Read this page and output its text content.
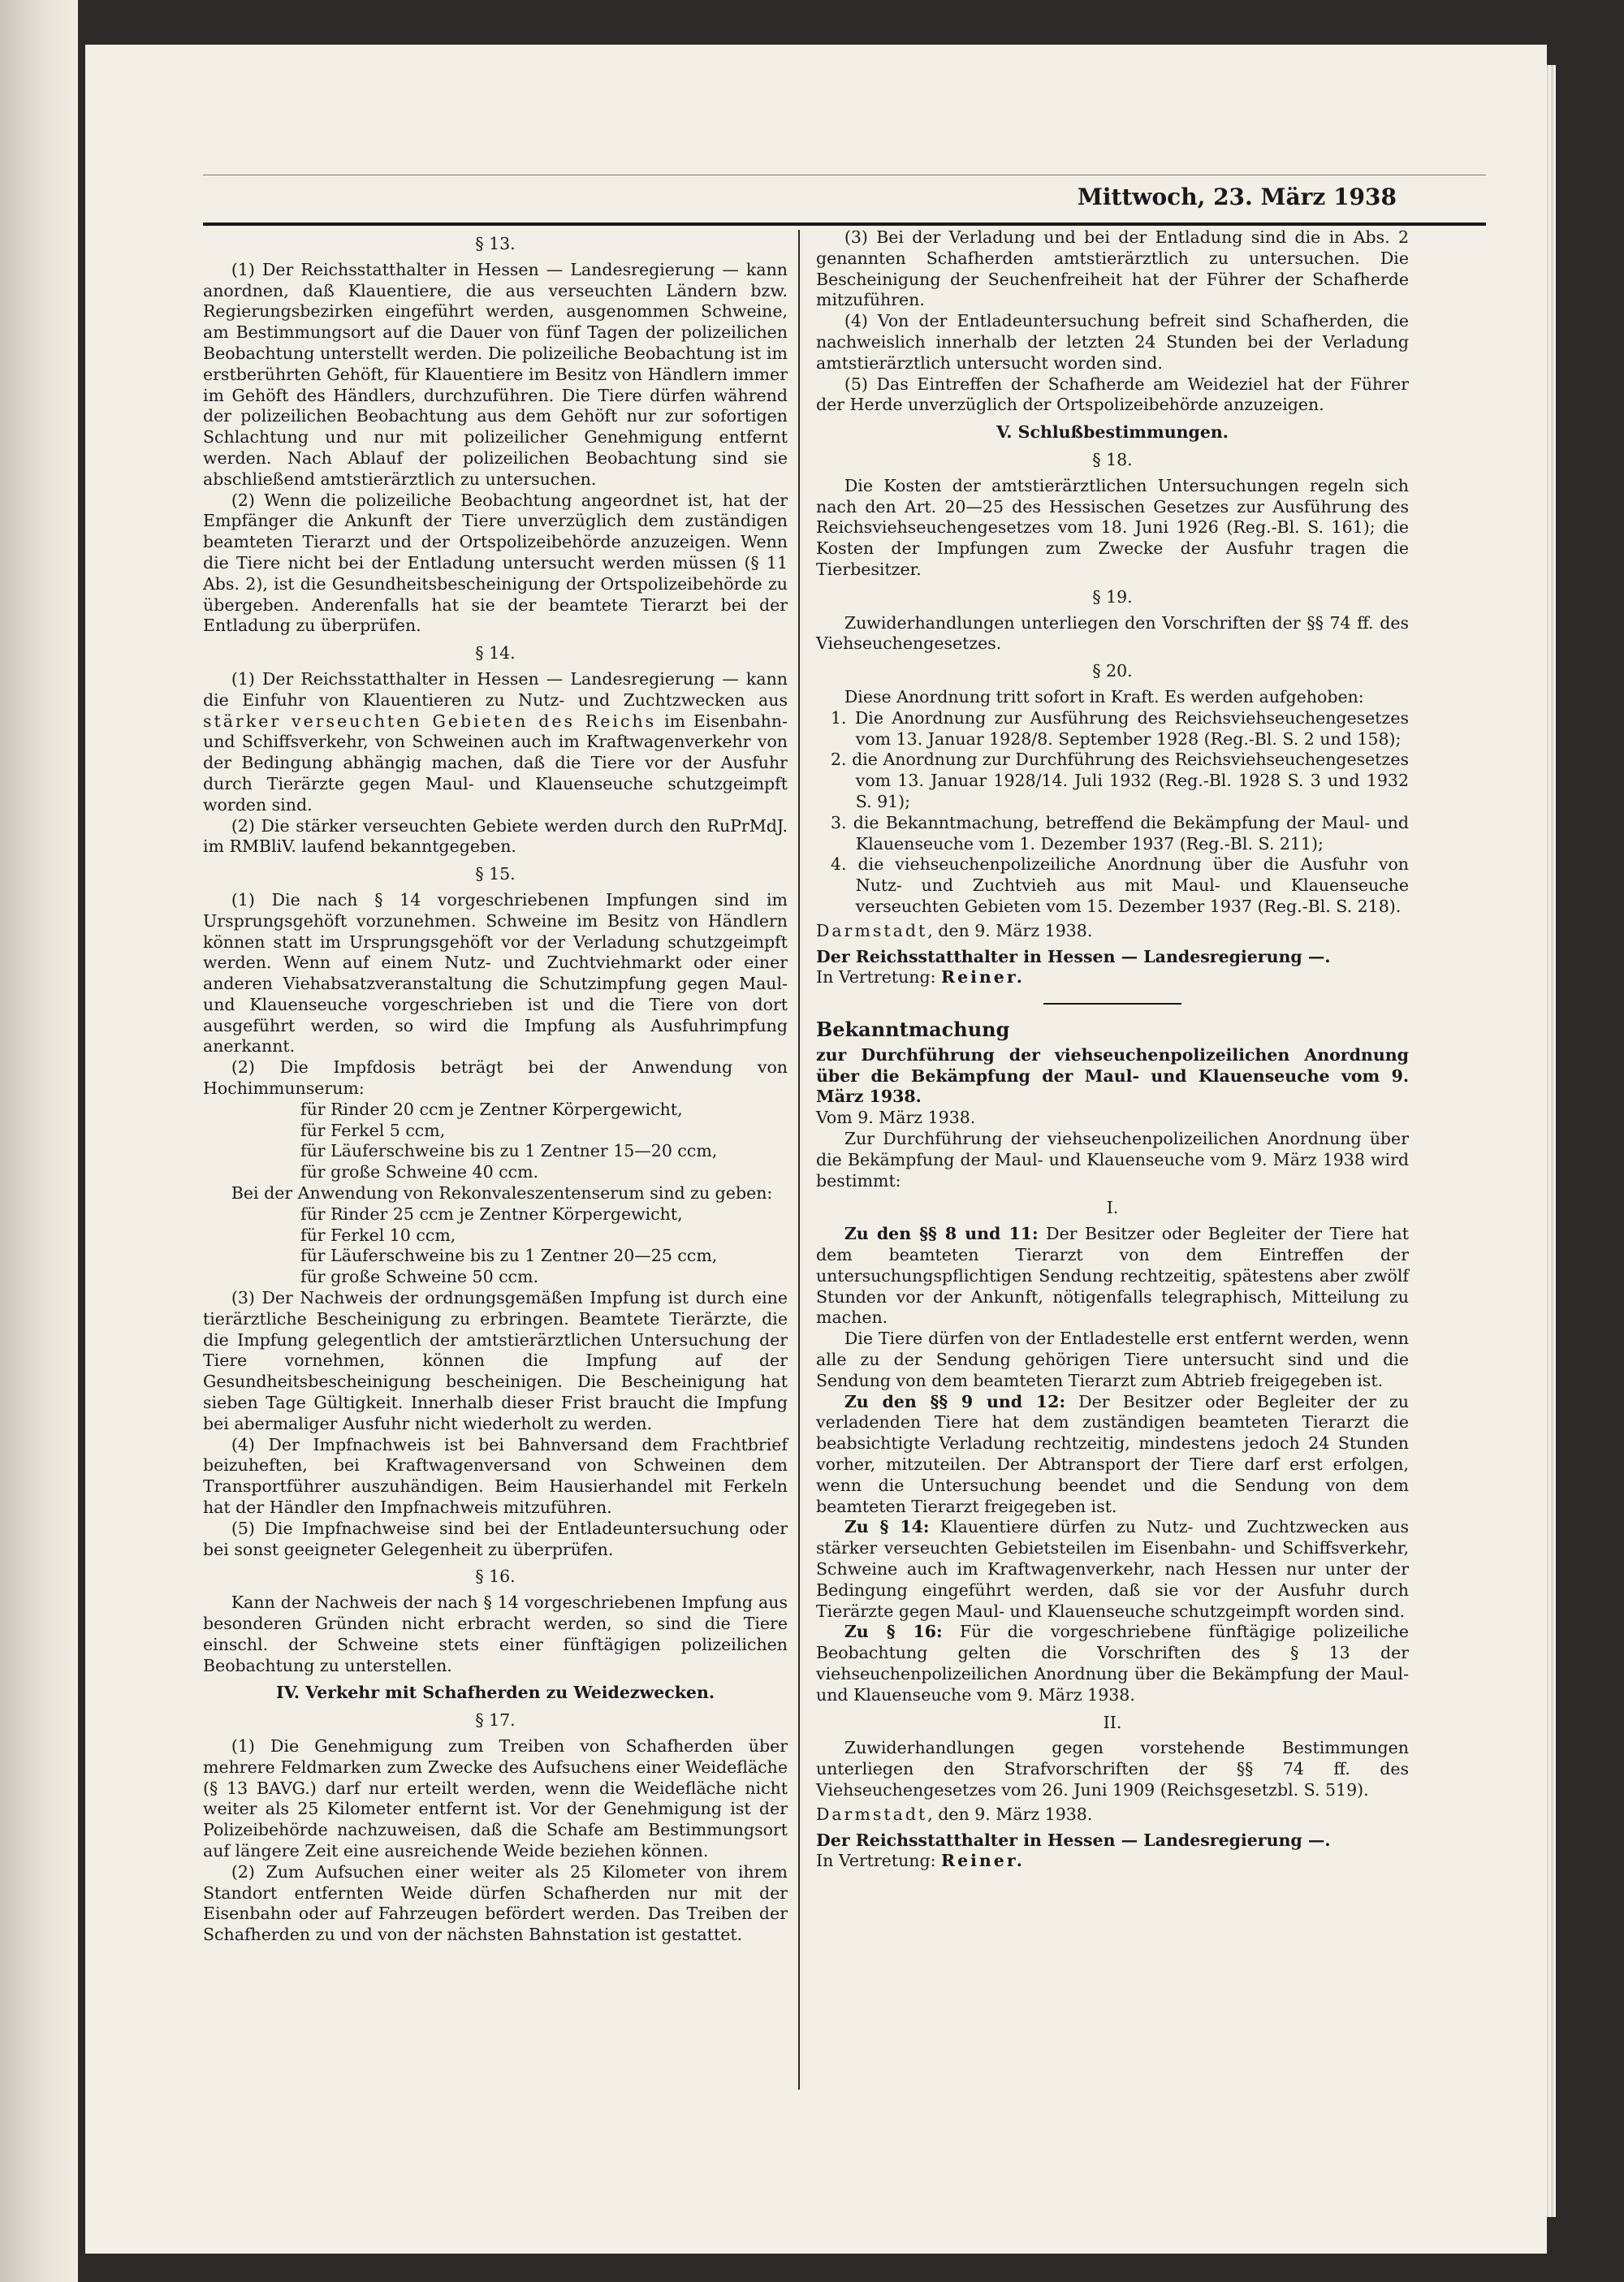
Mittwoch, 23. März 1938
§ 13.

(1) Der Reichsstatthalter in Hessen — Landesregierung — kann anordnen, daß Klauentiere, die aus verseuchten Ländern bzw. Regierungsbezirken eingeführt werden, ausgenommen Schweine, am Bestimmungsort auf die Dauer von fünf Tagen der polizeilichen Beobachtung unterstellt werden. Die polizeiliche Beobachtung ist im erstberührten Gehöft, für Klauentiere im Besitz von Händlern immer im Gehöft des Händlers, durchzuführen. Die Tiere dürfen während der polizeilichen Beobachtung aus dem Gehöft nur zur sofortigen Schlachtung und nur mit polizeilicher Genehmigung entfernt werden. Nach Ablauf der polizeilichen Beobachtung sind sie abschließend amtstierärztlich zu untersuchen.

(2) Wenn die polizeiliche Beobachtung angeordnet ist, hat der Empfänger die Ankunft der Tiere unverzüglich dem zuständigen beamteten Tierarzt und der Ortspolizeibehörde anzuzeigen. Wenn die Tiere nicht bei der Entladung untersucht werden müssen (§ 11 Abs. 2), ist die Gesundheitsbescheinigung der Ortspolizeibehörde zu übergeben. Anderenfalls hat sie der beamtete Tierarzt bei der Entladung zu überprüfen.

§ 14.

(1) Der Reichsstatthalter in Hessen — Landesregierung — kann die Einfuhr von Klauentieren zu Nutz- und Zuchtzwecken aus stärker verseuchten Gebieten des Reichs im Eisenbahn- und Schiffsverkehr, von Schweinen auch im Kraftwagenverkehr von der Bedingung abhängig machen, daß die Tiere vor der Ausfuhr durch Tierärzte gegen Maul- und Klauenseuche schutzgeimpft worden sind.

(2) Die stärker verseuchten Gebiete werden durch den RuPrMdJ. im RMBliV. laufend bekanntgegeben.

§ 15.

(1) Die nach § 14 vorgeschriebenen Impfungen sind im Ursprungsgehöft vorzunehmen. Schweine im Besitz von Händlern können statt im Ursprungsgehöft vor der Verladung schutzgeimpft werden. Wenn auf einem Nutz- und Zuchtviehmarkt oder einer anderen Viehabsatzveranstaltung die Schutzimpfung gegen Maul- und Klauenseuche vorgeschrieben ist und die Tiere von dort ausgeführt werden, so wird die Impfung als Ausfuhrimpfung anerkannt.

(2) Die Impfdosis beträgt bei der Anwendung von Hochimmunserum:

für Rinder 20 ccm je Zentner Körpergewicht,
für Ferkel 5 ccm,
für Läuferschweine bis zu 1 Zentner 15—20 ccm,
für große Schweine 40 ccm.

Bei der Anwendung von Rekonvaleszentenserum sind zu geben:

für Rinder 25 ccm je Zentner Körpergewicht,
für Ferkel 10 ccm,
für Läuferschweine bis zu 1 Zentner 20—25 ccm,
für große Schweine 50 ccm.

(3) Der Nachweis der ordnungsgemäßen Impfung ist durch eine tierärztliche Bescheinigung zu erbringen. Beamtete Tierärzte, die die Impfung gelegentlich der amtstierärztlichen Untersuchung der Tiere vornehmen, können die Impfung auf der Gesundheitsbescheinigung bescheinigen. Die Bescheinigung hat sieben Tage Gültigkeit. Innerhalb dieser Frist braucht die Impfung bei abermaliger Ausfuhr nicht wiederholt zu werden.

(4) Der Impfnachweis ist bei Bahnversand dem Frachtbrief beizuheften, bei Kraftwagenversand von Schweinen dem Transportführer auszuhändigen. Beim Hausierhandel mit Ferkeln hat der Händler den Impfnachweis mitzuführen.

(5) Die Impfnachweise sind bei der Entladeuntersuchung oder bei sonst geeigneter Gelegenheit zu überprüfen.

§ 16.

Kann der Nachweis der nach § 14 vorgeschriebenen Impfung aus besonderen Gründen nicht erbracht werden, so sind die Tiere einschl. der Schweine stets einer fünftägigen polizeilichen Beobachtung zu unterstellen.

IV. Verkehr mit Schafherden zu Weidezwecken.
§ 17.

(1) Die Genehmigung zum Treiben von Schafherden über mehrere Feldmarken zum Zwecke des Aufsuchens einer Weidefläche (§ 13 BAVG.) darf nur erteilt werden, wenn die Weidefläche nicht weiter als 25 Kilometer entfernt ist. Vor der Genehmigung ist der Polizeibehörde nachzuweisen, daß die Schafe am Bestimmungsort auf längere Zeit eine ausreichende Weide beziehen können.

(2) Zum Aufsuchen einer weiter als 25 Kilometer von ihrem Standort entfernten Weide dürfen Schafherden nur mit der Eisenbahn oder auf Fahrzeugen befördert werden. Das Treiben der Schafherden zu und von der nächsten Bahnstation ist gestattet.

(3) Bei der Verladung und bei der Entladung sind die in Abs. 2 genannten Schafherden amtstierärztlich zu untersuchen. Die Bescheinigung der Seuchenfreiheit hat der Führer der Schafherde mitzuführen.

(4) Von der Entladeuntersuchung befreit sind Schafherden, die nachweislich innerhalb der letzten 24 Stunden bei der Verladung amtstierärztlich untersucht worden sind.

(5) Das Eintreffen der Schafherde am Weideziel hat der Führer der Herde unverzüglich der Ortspolizeibehörde anzuzeigen.

V. Schlußbestimmungen.
§ 18.

Die Kosten der amtstierärztlichen Untersuchungen regeln sich nach den Art. 20—25 des Hessischen Gesetzes zur Ausführung des Reichsviehseuchengesetzes vom 18. Juni 1926 (Reg.-Bl. S. 161); die Kosten der Impfungen zum Zwecke der Ausfuhr tragen die Tierbesitzer.

§ 19.

Zuwiderhandlungen unterliegen den Vorschriften der §§ 74 ff. des Viehseuchengesetzes.

§ 20.

Diese Anordnung tritt sofort in Kraft. Es werden aufgehoben:

1. Die Anordnung zur Ausführung des Reichsviehseuchengesetzes vom 13. Januar 1928/8. September 1928 (Reg.-Bl. S. 2 und 158);

2. die Anordnung zur Durchführung des Reichsviehseuchengesetzes vom 13. Januar 1928/14. Juli 1932 (Reg.-Bl. 1928 S. 3 und 1932 S. 91);

3. die Bekanntmachung, betreffend die Bekämpfung der Maul- und Klauenseuche vom 1. Dezember 1937 (Reg.-Bl. S. 211);

4. die viehseuchenpolizeiliche Anordnung über die Ausfuhr von Nutz- und Zuchtvieh aus mit Maul- und Klauenseuche verseuchten Gebieten vom 15. Dezember 1937 (Reg.-Bl. S. 218).

Darmstadt, den 9. März 1938.

Der Reichsstatthalter in Hessen — Landesregierung —.

In Vertretung: Reiner.

Bekanntmachung

zur Durchführung der viehseuchenpolizeilichen Anordnung über die Bekämpfung der Maul- und Klauenseuche vom 9. März 1938.

Vom 9. März 1938.

Zur Durchführung der viehseuchenpolizeilichen Anordnung über die Bekämpfung der Maul- und Klauenseuche vom 9. März 1938 wird bestimmt:

I.

Zu den §§ 8 und 11: Der Besitzer oder Begleiter der Tiere hat dem beamteten Tierarzt von dem Eintreffen der untersuchungspflichtigen Sendung rechtzeitig, spätestens aber zwölf Stunden vor der Ankunft, nötigenfalls telegraphisch, Mitteilung zu machen.

Die Tiere dürfen von der Entladestelle erst entfernt werden, wenn alle zu der Sendung gehörigen Tiere untersucht sind und die Sendung von dem beamteten Tierarzt zum Abtrieb freigegeben ist.

Zu den §§ 9 und 12: Der Besitzer oder Begleiter der zu verladenden Tiere hat dem zuständigen beamteten Tierarzt die beabsichtigte Verladung rechtzeitig, mindestens jedoch 24 Stunden vorher, mitzuteilen. Der Abtransport der Tiere darf erst erfolgen, wenn die Untersuchung beendet und die Sendung von dem beamteten Tierarzt freigegeben ist.

Zu § 14: Klauentiere dürfen zu Nutz- und Zuchtzwecken aus stärker verseuchten Gebietsteilen im Eisenbahn- und Schiffsverkehr, Schweine auch im Kraftwagenverkehr, nach Hessen nur unter der Bedingung eingeführt werden, daß sie vor der Ausfuhr durch Tierärzte gegen Maul- und Klauenseuche schutzgeimpft worden sind.

Zu § 16: Für die vorgeschriebene fünftägige polizeiliche Beobachtung gelten die Vorschriften des § 13 der viehseuchenpolizeilichen Anordnung über die Bekämpfung der Maul- und Klauenseuche vom 9. März 1938.

II.

Zuwiderhandlungen gegen vorstehende Bestimmungen unterliegen den Strafvorschriften der §§ 74 ff. des Viehseuchengesetzes vom 26. Juni 1909 (Reichsgesetzbl. S. 519).

Darmstadt, den 9. März 1938.

Der Reichsstatthalter in Hessen — Landesregierung —.

In Vertretung: Reiner.
